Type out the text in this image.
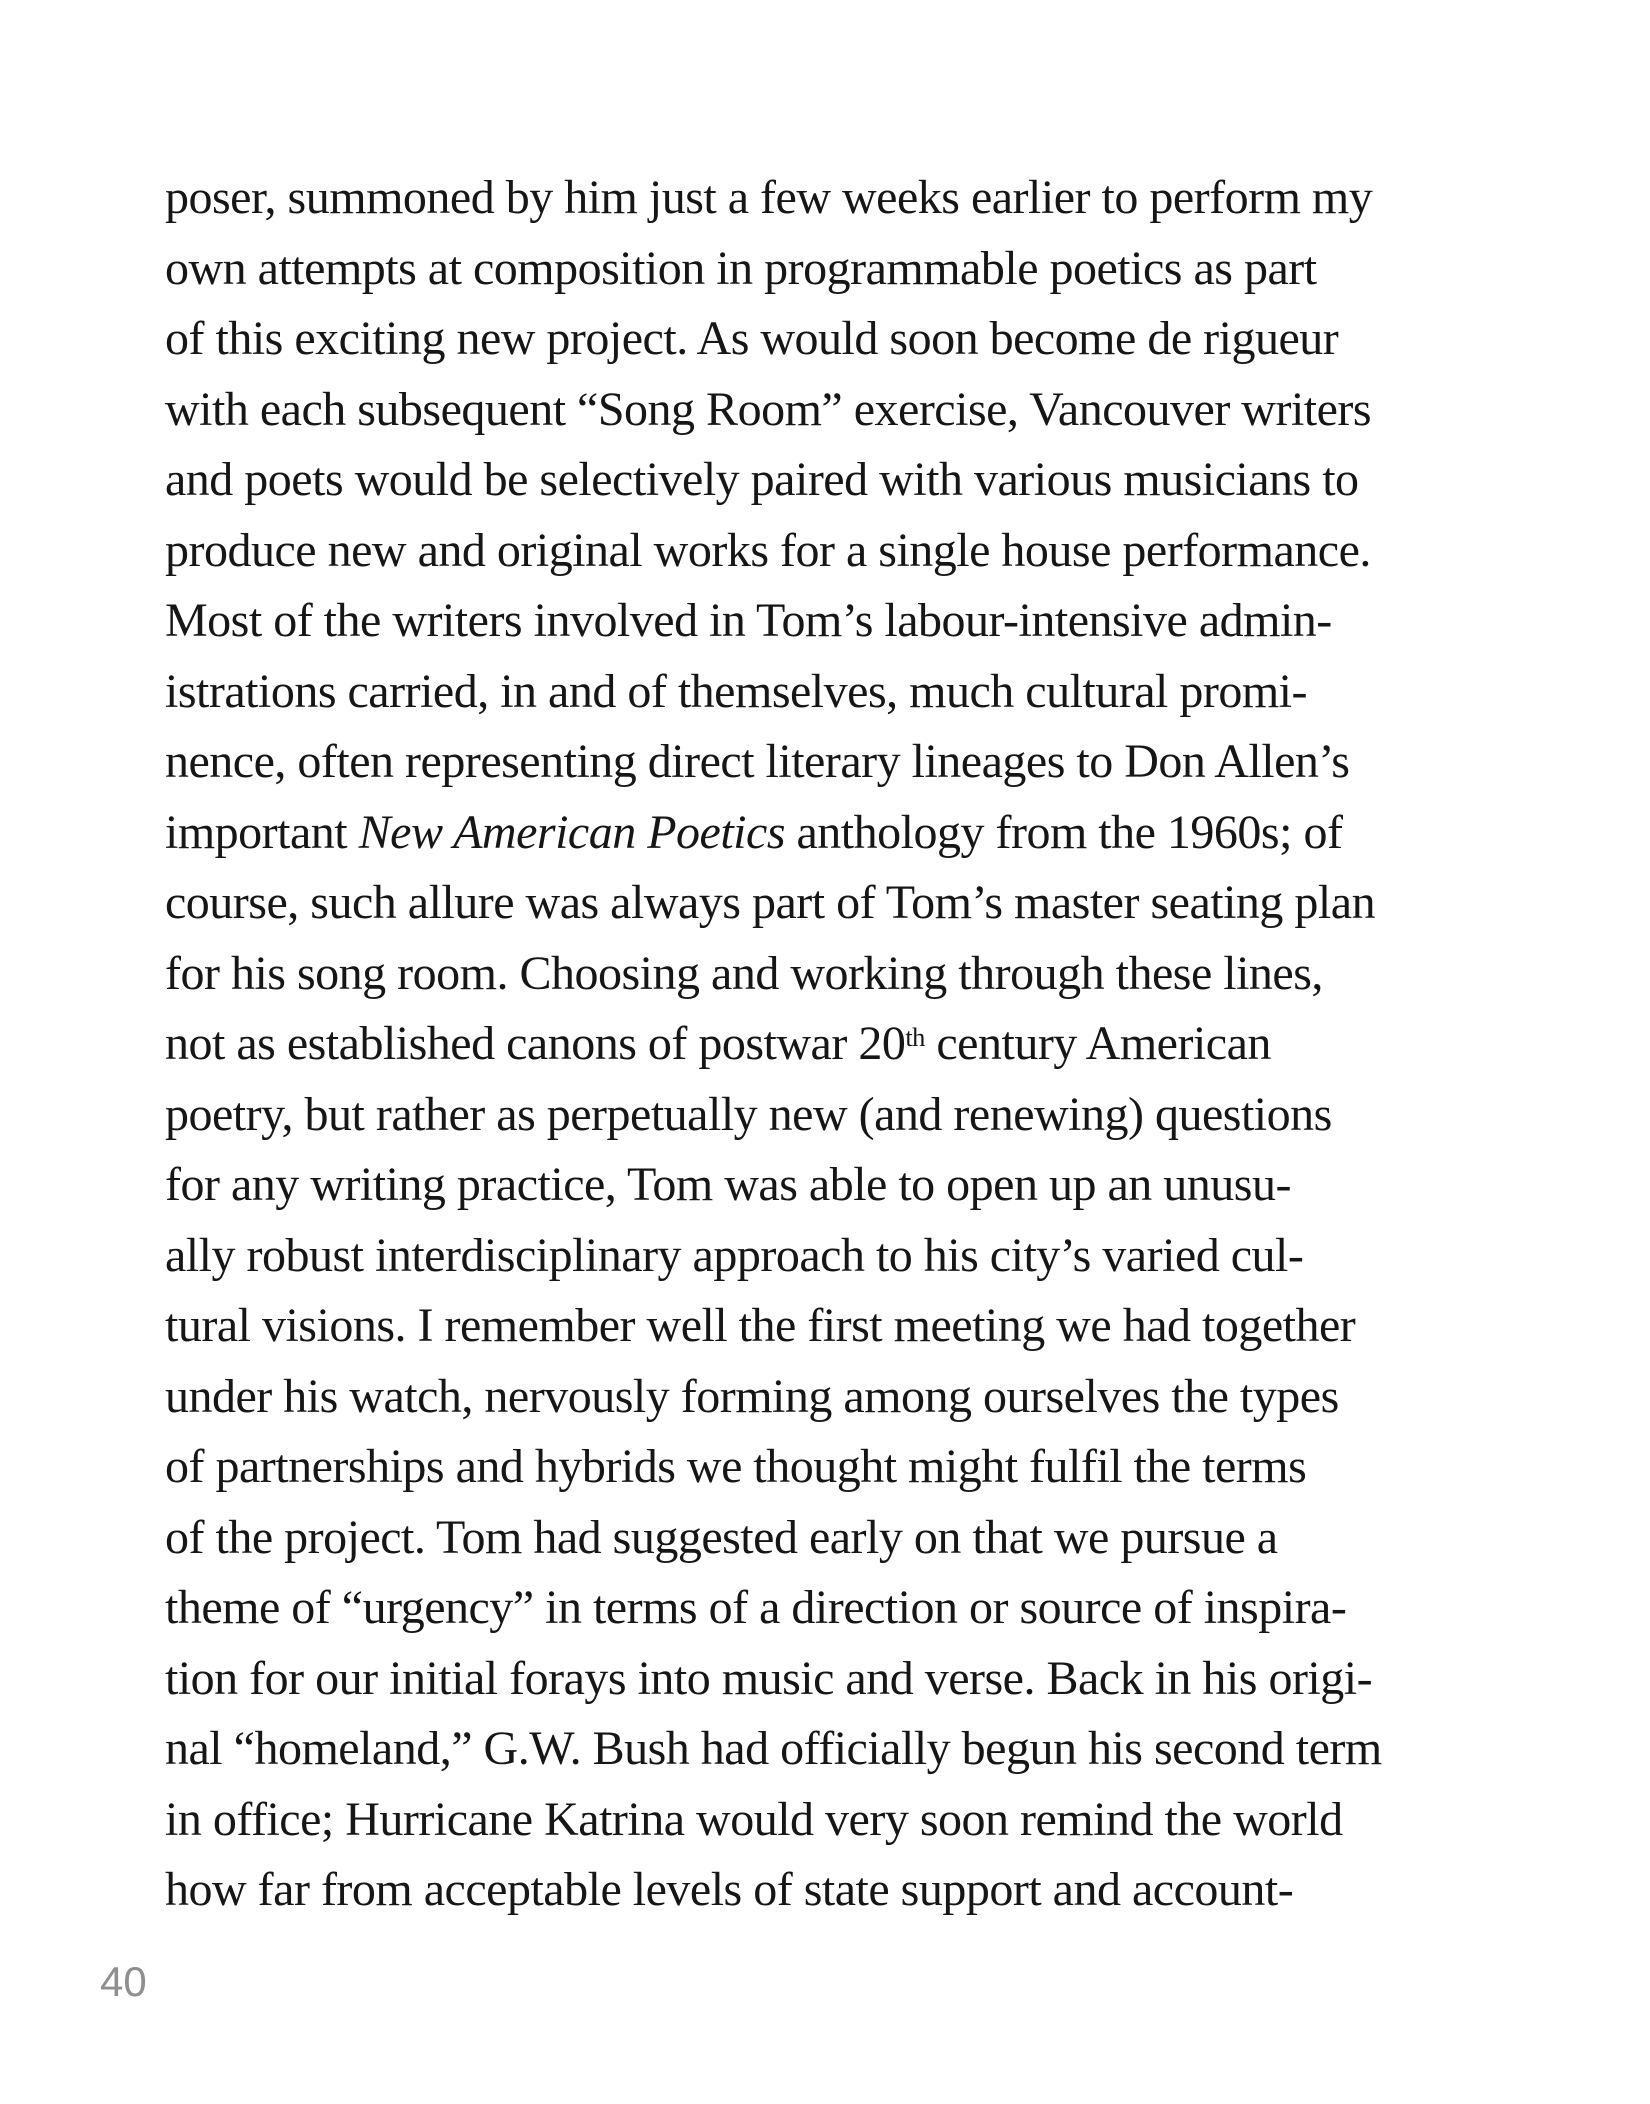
poser, summoned by him just a few weeks earlier to perform my
own attempts at composition in programmable poetics as part
of this exciting new project. As would soon become de rigueur
with each subsequent “Song Room” exercise, Vancouver writers
and poets would be selectively paired with various musicians to
produce new and original works for a single house performance.
Most of the writers involved in Tom’s labour-intensive admin-
istrations carried, in and of themselves, much cultural promi-
nence, often representing direct literary lineages to Don Allen’s
important New American Poetics anthology from the 1960s; of
course, such allure was always part of Tom’s master seating plan
for his song room. Choosing and working through these lines,
not as established canons of postwar 20th century American
poetry, but rather as perpetually new (and renewing) questions
for any writing practice, Tom was able to open up an unusu-
ally robust interdisciplinary approach to his city’s varied cul-
tural visions. I remember well the first meeting we had together
under his watch, nervously forming among ourselves the types
of partnerships and hybrids we thought might fulfil the terms
of the project. Tom had suggested early on that we pursue a
theme of “urgency” in terms of a direction or source of inspira-
tion for our initial forays into music and verse. Back in his origi-
nal “homeland,” G.W. Bush had officially begun his second term
in office; Hurricane Katrina would very soon remind the world
how far from acceptable levels of state support and account-
40
